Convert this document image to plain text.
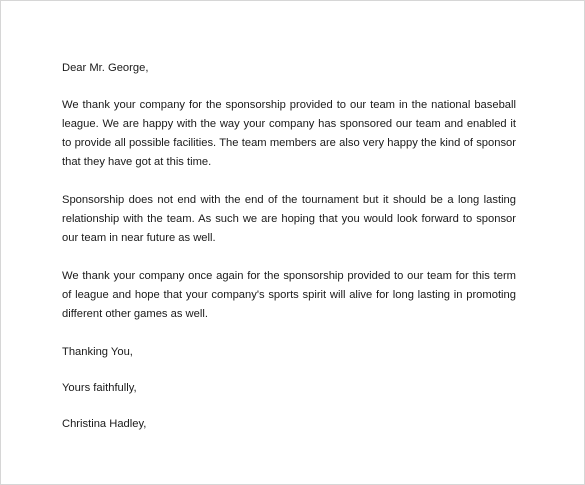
Dear Mr. George,

We thank your company for the sponsorship provided to our team in the national baseball league. We are happy with the way your company has sponsored our team and enabled it to provide all possible facilities. The team members are also very happy the kind of sponsor that they have got at this time.

Sponsorship does not end with the end of the tournament but it should be a long lasting relationship with the team. As such we are hoping that you would look forward to sponsor our team in near future as well.

We thank your company once again for the sponsorship provided to our team for this term of league and hope that your company's sports spirit will alive for long lasting in promoting different other games as well.

Thanking You,

Yours faithfully,

Christina Hadley,
